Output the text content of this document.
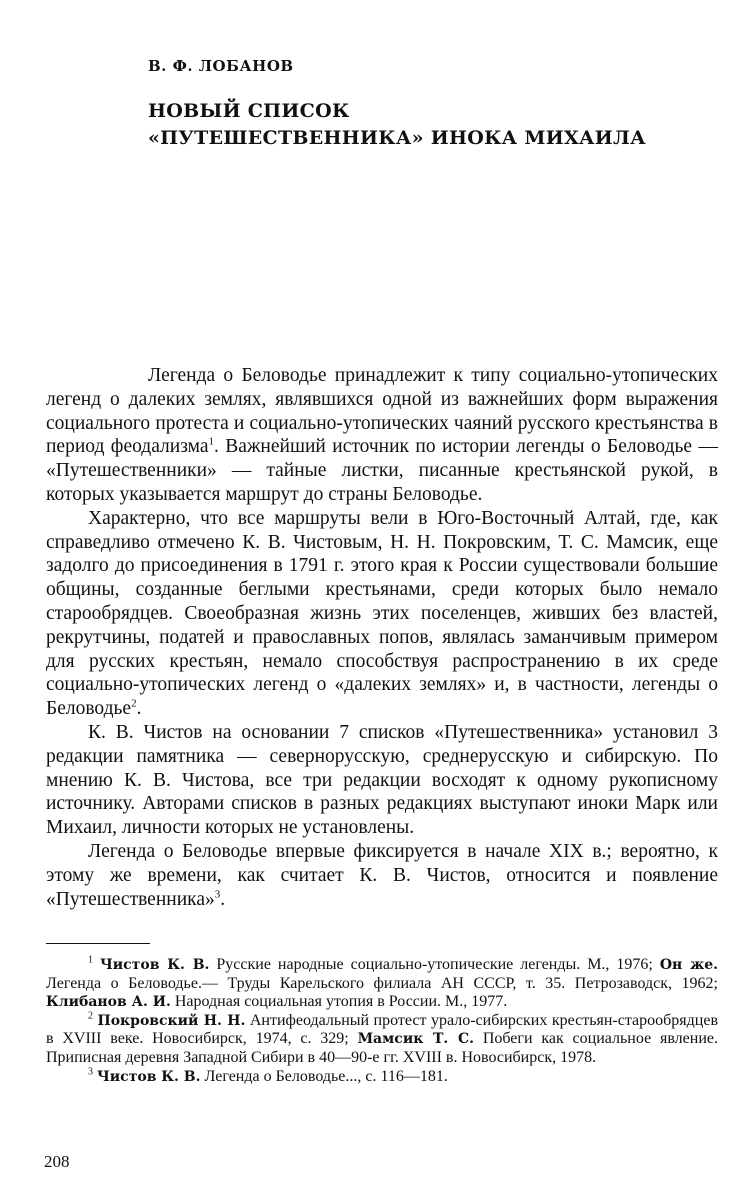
В. Ф. ЛОБАНОВ
НОВЫЙ СПИСОК

«ПУТЕШЕСТВЕННИКА» ИНОКА МИХАИЛА

Легенда о Беловодье принадлежит к типу социально-утопических легенд о далеких землях, являвшихся одной из важнейших форм выражения социального протеста и социально-утопических чаяний русского крестьянства в период феодализма$^1$. Важнейший источник по истории легенды о Беловодье — «Путешественники» — тайные листки, писанные крестьянской рукой, в которых указывается маршрут до страны Беловодье.

Характерно, что все маршруты вели в Юго-Восточный Алтай, где, как справедливо отмечено К. В. Чистовым, Н. Н. Покровским, Т. С. Мамсик, еще задолго до присоединения в 1791 г. этого края к России существовали большие общины, созданные беглыми крестьянами, среди которых было немало старообрядцев. Своеобразная жизнь этих поселенцев, живших без властей, рекрутчины, податей и православных попов, являлась заманчивым примером для русских крестьян, немало способствуя распространению в их среде социально-утопических легенд о «далеких землях» и, в частности, легенды о Беловодье$^2$.

К. В. Чистов на основании 7 списков «Путешественника» установил 3 редакции памятника — севернорусскую, среднерусскую и сибирскую. По мнению К. В. Чистова, все три редакции восходят к одному рукописному источнику. Авторами списков в разных редакциях выступают иноки Марк или Михаил, личности которых не установлены.

Легенда о Беловодье впервые фиксируется в начале XIX в.; вероятно, к этому же времени, как считает К. В. Чистов, относится и появление «Путешественника»$^3$.

$^1$ Чистов К. В. Русские народные социально-утопические легенды. М., 1976; Он же. Легенда о Беловодье.— Труды Карельского филиала АН СССР, т. 35. Петрозаводск, 1962; Клибанов А. И. Народная социальная утопия в России. М., 1977.

$^2$ Покровский Н. Н. Антифеодальный протест урало-сибирских крестьян-старообрядцев в XVIII веке. Новосибирск, 1974, с. 329; Мамсик Т. С. Побеги как социальное явление. Приписная деревня Западной Сибири в 40—90-е гг. XVIII в. Новосибирск, 1978.

$^3$ Чистов К. В. Легенда о Беловодье..., с. 116—181.

208
